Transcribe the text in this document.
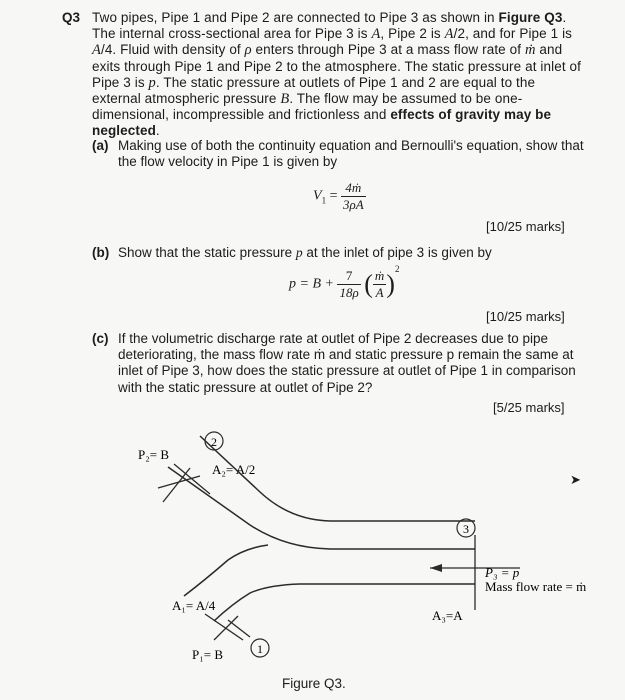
Q3 Two pipes, Pipe 1 and Pipe 2 are connected to Pipe 3 as shown in Figure Q3. The internal cross-sectional area for Pipe 3 is A, Pipe 2 is A/2, and for Pipe 1 is A/4. Fluid with density of ρ enters through Pipe 3 at a mass flow rate of ṁ and exits through Pipe 1 and Pipe 2 to the atmosphere. The static pressure at inlet of Pipe 3 is p. The static pressure at outlets of Pipe 1 and 2 are equal to the external atmospheric pressure B. The flow may be assumed to be one-dimensional, incompressible and frictionless and effects of gravity may be neglected.
(a) Making use of both the continuity equation and Bernoulli's equation, show that the flow velocity in Pipe 1 is given by
$V_1 = \frac{\text{4ṁ}}{3\rho A}$
[10/25 marks]
(b) Show that the static pressure p at the inlet of pipe 3 is given by
$p = B + \frac{7}{18\rho}$ ( $\frac{\text{ṁ}}{A} )^2$
[10/25 marks]
(c) If the volumetric discharge rate at outlet of Pipe 2 decreases due to pipe deteriorating, the mass flow rate ṁ and static pressure p remain the same at inlet of Pipe 3, how does the static pressure at outlet of Pipe 1 in comparison with the static pressure at outlet of Pipe 2?
[5/25 marks]
2
3
1
P₂= B
A₂= A/2
P₃ = p
Mass flow rate = ṁ
A₁= A/4
A₃=A
P₁= B
➤
Figure Q3.
